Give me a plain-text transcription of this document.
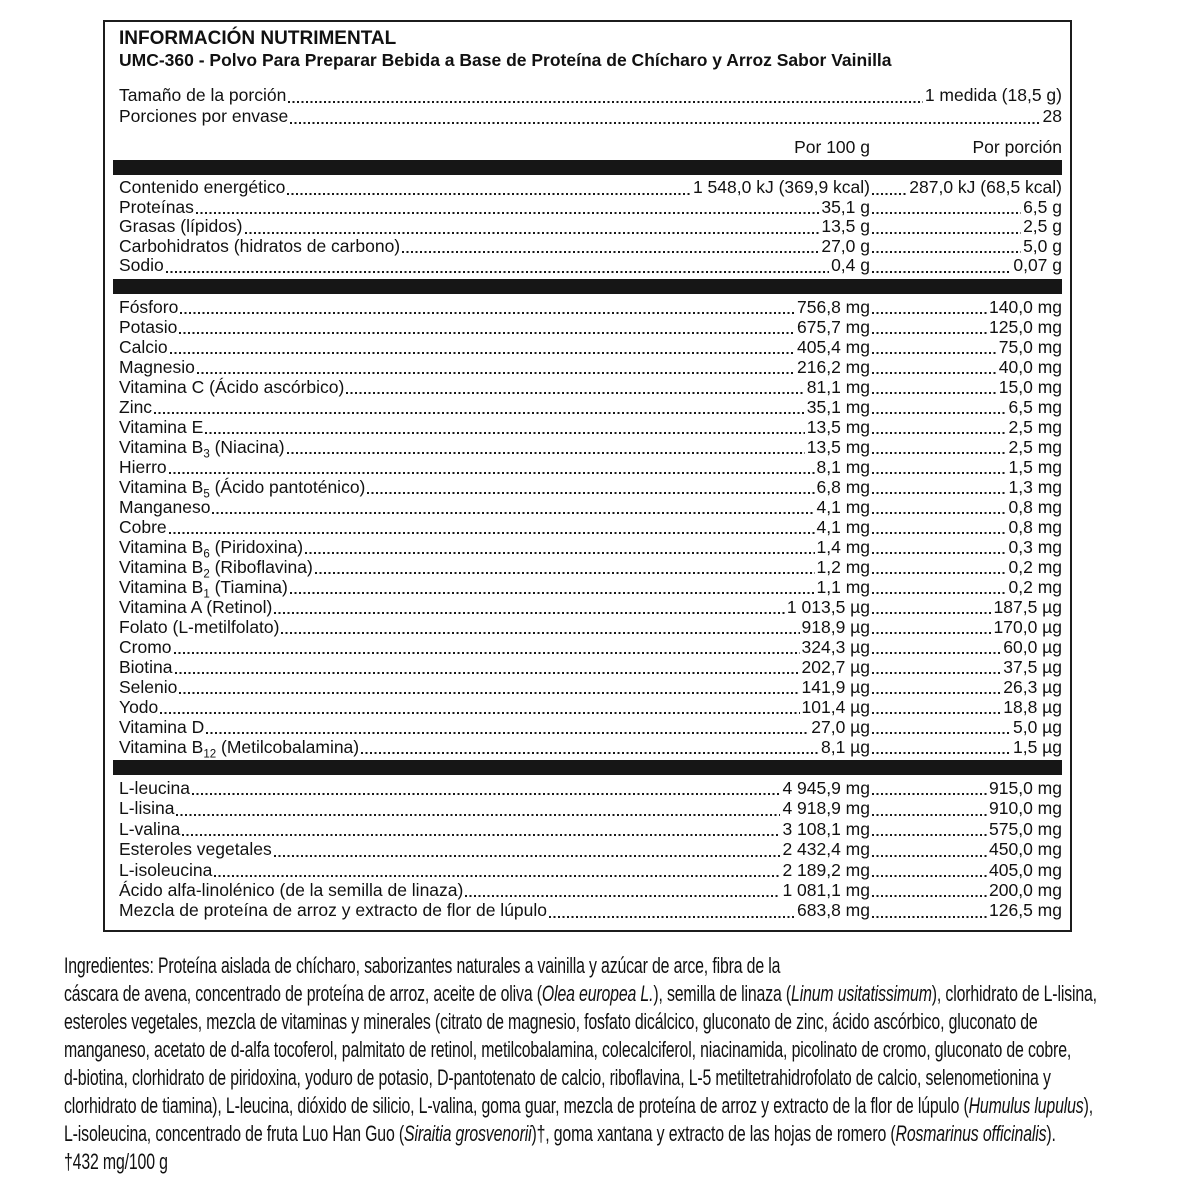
INFORMACIÓN NUTRIMENTAL
UMC-360 - Polvo Para Preparar Bebida a Base de Proteína de Chícharo y Arroz Sabor Vainilla
Tamaño de la porción	1 medida (18,5 g)
Porciones por envase	28
Por 100 g	Por porción
Contenido energético	1 548,0 kJ (369,9 kcal) 287,0 kJ (68,5 kcal)
Proteínas	35,1 g	6,5 g
Grasas (lípidos)	13,5 g	2,5 g
Carbohidratos (hidratos de carbono)	27,0 g	5,0 g
Sodio	0,4 g	0,07 g
Fósforo	756,8 mg	140,0 mg
Potasio	675,7 mg	125,0 mg
Calcio	405,4 mg	75,0 mg
Magnesio	216,2 mg	40,0 mg
Vitamina C (Ácido ascórbico)	81,1 mg	15,0 mg
Zinc	35,1 mg	6,5 mg
Vitamina E	13,5 mg	2,5 mg
Vitamina $B_3$ (Niacina)	13,5 mg	2,5 mg
Hierro	8,1 mg	1,5 mg
Vitamina $B_5$ (Ácido pantoténico)	6,8 mg	1,3 mg
Manganeso	4,1 mg	0,8 mg
Cobre	4,1 mg	0,8 mg
Vitamina $B_6$ (Piridoxina)	1,4 mg	0,3 mg
Vitamina $B_2$ (Riboflavina)	1,2 mg	0,2 mg
Vitamina $B_1$ (Tiamina)	1,1 mg	0,2 mg
Vitamina A (Retinol)	1 013,5 µg	187,5 µg
Folato (L-metilfolato)	918,9 µg	170,0 µg
Cromo	324,3 µg	60,0 µg
Biotina	202,7 µg	37,5 µg
Selenio	141,9 µg	26,3 µg
Yodo	101,4 µg	18,8 µg
Vitamina D	27,0 µg	5,0 µg
Vitamina $B_{12}$ (Metilcobalamina)	8,1 µg	1,5 µg
L-leucina	4 945,9 mg	915,0 mg
L-lisina	4 918,9 mg	910,0 mg
L-valina	3 108,1 mg	575,0 mg
Esteroles vegetales	2 432,4 mg	450,0 mg
L-isoleucina	2 189,2 mg	405,0 mg
Ácido alfa-linolénico (de la semilla de linaza)	1 081,1 mg	200,0 mg
Mezcla de proteína de arroz y extracto de flor de lúpulo	683,8 mg	126,5 mg
Ingredientes: Proteína aislada de chícharo, saborizantes naturales a vainilla y azúcar de arce, fibra de la
cáscara de avena, concentrado de proteína de arroz, aceite de oliva (Olea europea L.), semilla de linaza (Linum usitatissimum), clorhidrato de L-lisina,
esteroles vegetales, mezcla de vitaminas y minerales (citrato de magnesio, fosfato dicálcico, gluconato de zinc, ácido ascórbico, gluconato de
manganeso, acetato de d-alfa tocoferol, palmitato de retinol, metilcobalamina, colecalciferol, niacinamida, picolinato de cromo, gluconato de cobre,
d-biotina, clorhidrato de piridoxina, yoduro de potasio, D-pantotenato de calcio, riboflavina, L-5 metiltetrahidrofolato de calcio, selenometionina y
clorhidrato de tiamina), L-leucina, dióxido de silicio, L-valina, goma guar, mezcla de proteína de arroz y extracto de la flor de lúpulo (Humulus lupulus),
L-isoleucina, concentrado de fruta Luo Han Guo (Siraitia grosvenorii)†, goma xantana y extracto de las hojas de romero (Rosmarinus officinalis).
†432 mg/100 g
